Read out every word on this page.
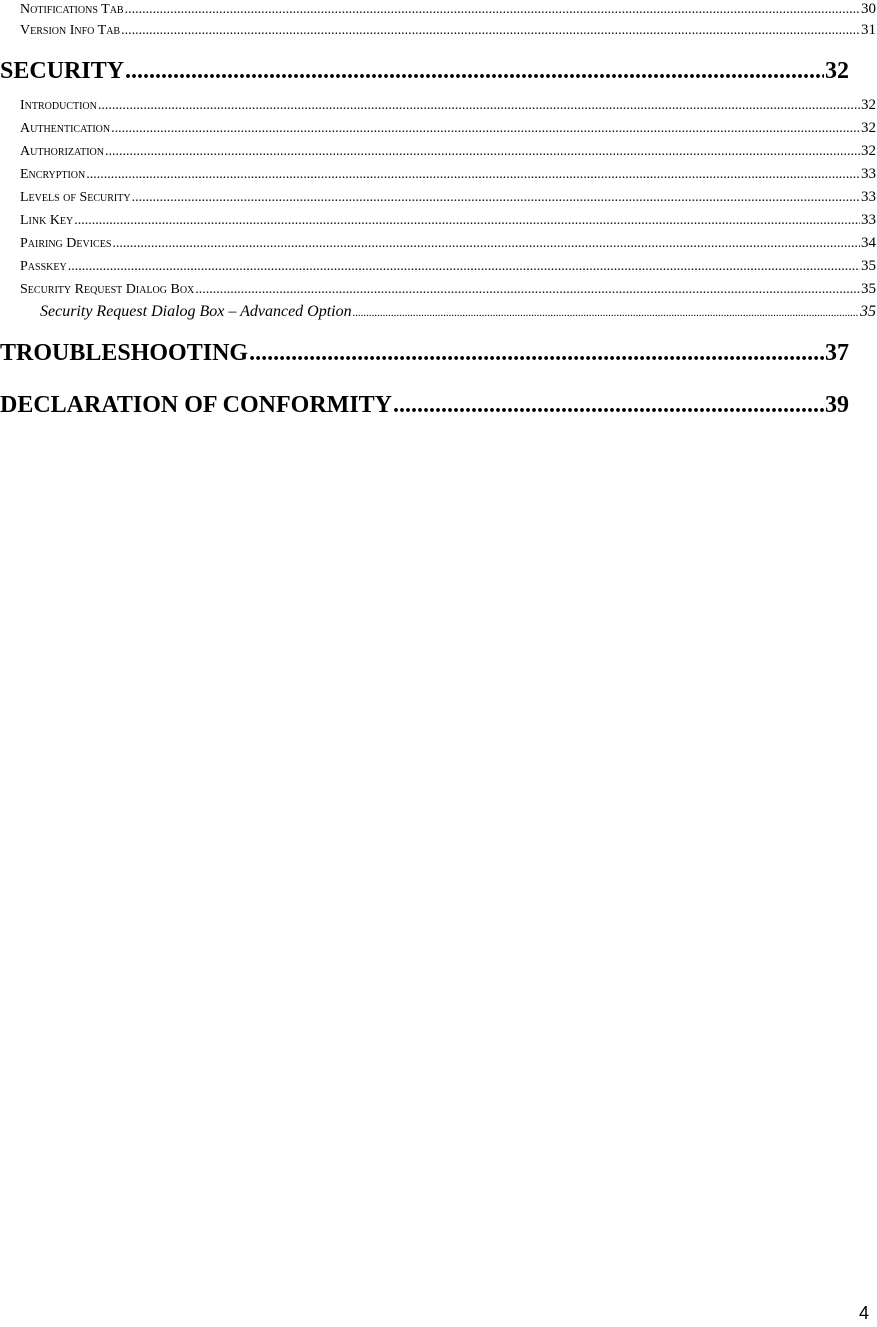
Notifications Tab .....	30
Version Info Tab .....	31
SECURITY .....	32
Introduction .....	32
Authentication .....	32
Authorization .....	32
Encryption .....	33
Levels of Security .....	33
Link Key .....	33
Pairing Devices .....	34
Passkey .....	35
Security Request Dialog Box .....	35
Security Request Dialog Box – Advanced Option .....	35
TROUBLESHOOTING .....	37
DECLARATION OF CONFORMITY .....	39
4
